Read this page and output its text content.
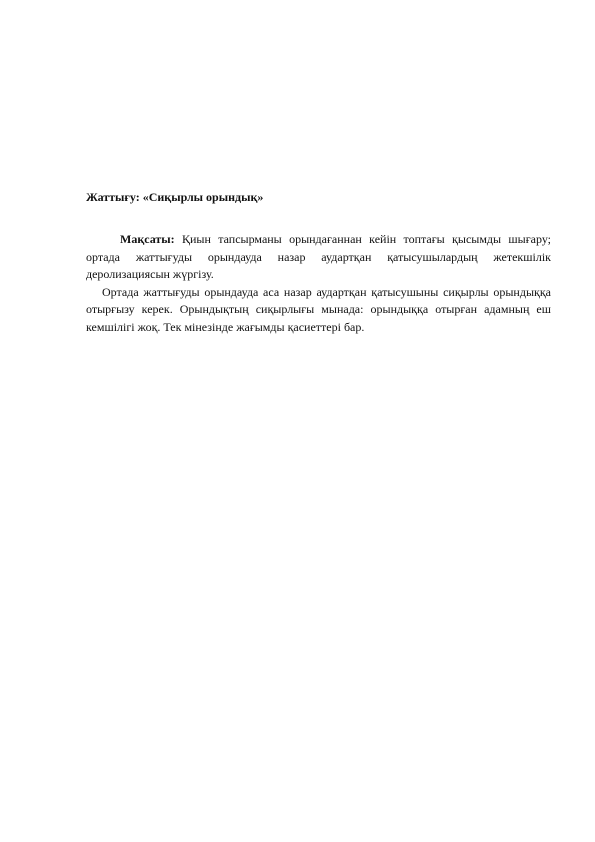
Жаттығу: «Сиқырлы орындық»

Мақсаты: Қиын тапсырманы орындағаннан кейін топтағы қысымды шығару; ортада жаттығуды орындауда назар аудартқан қатысушылардың жетекшілік деролизациясын жүргізу.

Ортада жаттығуды орындауда аса назар аудартқан қатысушыны сиқырлы орындыққа отырғызу керек. Орындықтың сиқырлығы мынада: орындыққа отырған адамның еш кемшілігі жоқ. Тек мінезінде жағымды қасиеттері бар.
